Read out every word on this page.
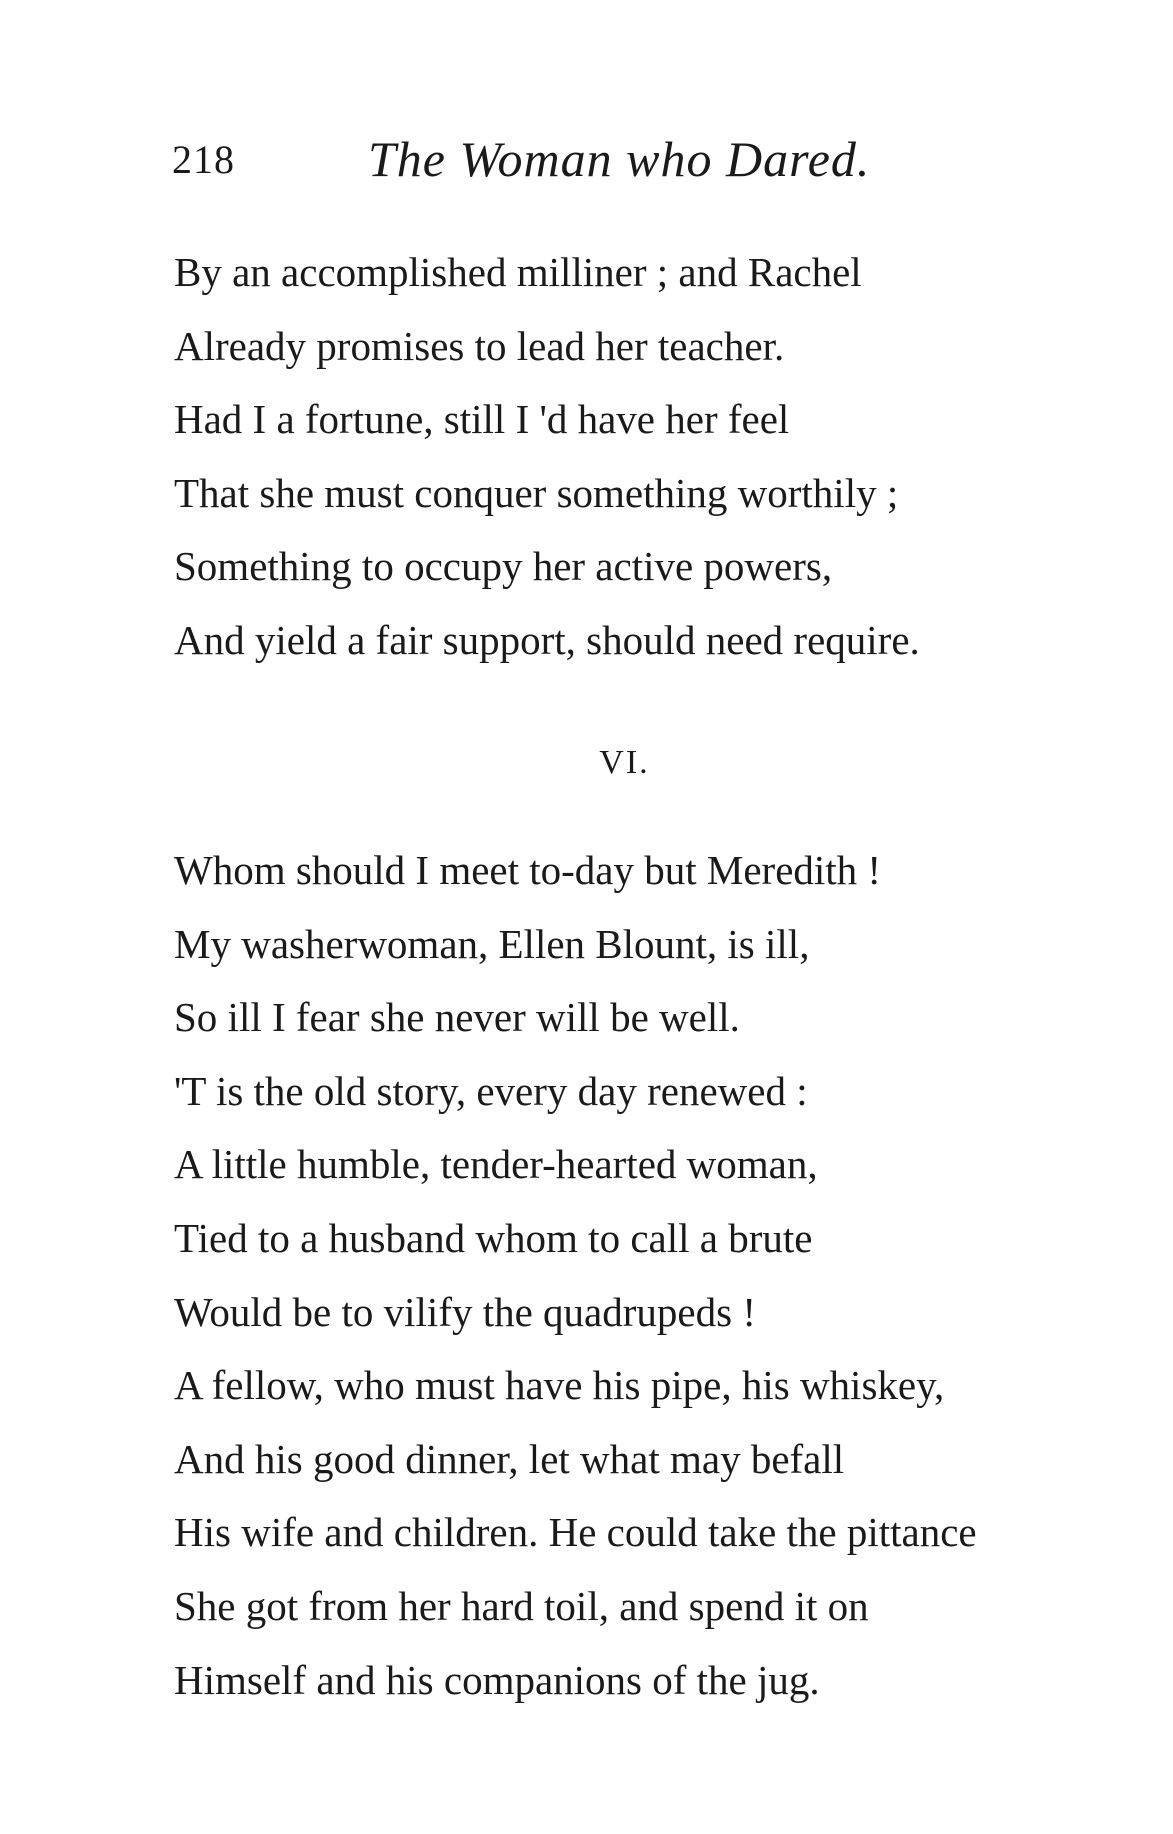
218	The Woman who Dared.
By an accomplished milliner ; and Rachel
Already promises to lead her teacher.
Had I a fortune, still I 'd have her feel
That she must conquer something worthily ;
Something to occupy her active powers,
And yield a fair support, should need require.
VI.
Whom should I meet to-day but Meredith !
My washerwoman, Ellen Blount, is ill,
So ill I fear she never will be well.
'T is the old story, every day renewed :
A little humble, tender-hearted woman,
Tied to a husband whom to call a brute
Would be to vilify the quadrupeds !
A fellow, who must have his pipe, his whiskey,
And his good dinner, let what may befall
His wife and children. He could take the pittance
She got from her hard toil, and spend it on
Himself and his companions of the jug.
